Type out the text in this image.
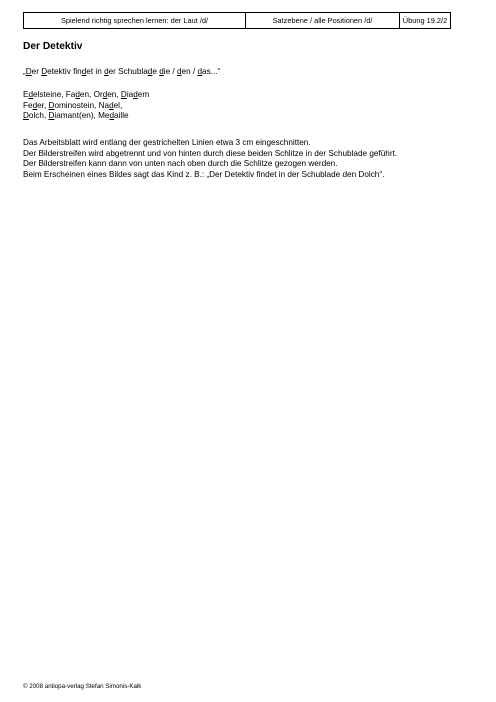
Spielend richtig sprechen lernen: der Laut /d/	Satzebene / alle Positionen /d/	Übung 19.2/2
Der Detektiv
„Der Detektiv findet in der Schublade die / den / das...“
Edelsteine, Faden, Orden, Diadem
Feder, Dominostein, Nadel,
Dolch, Diamant(en), Medaille
Das Arbeitsblatt wird entlang der gestrichelten Linien etwa 3 cm eingeschnitten.
Der Bilderstreifen wird abgetrennt und von hinten durch diese beiden Schlitze in der Schublade geführt.
Der Bilderstreifen kann dann von unten nach oben durch die Schlitze gezogen werden.
Beim Erscheinen eines Bildes sagt das Kind z. B.: „Der Detektiv findet in der Schublade den Dolch“.
© 2008 antiopa-verlag Stefan Simonis-Kalk
